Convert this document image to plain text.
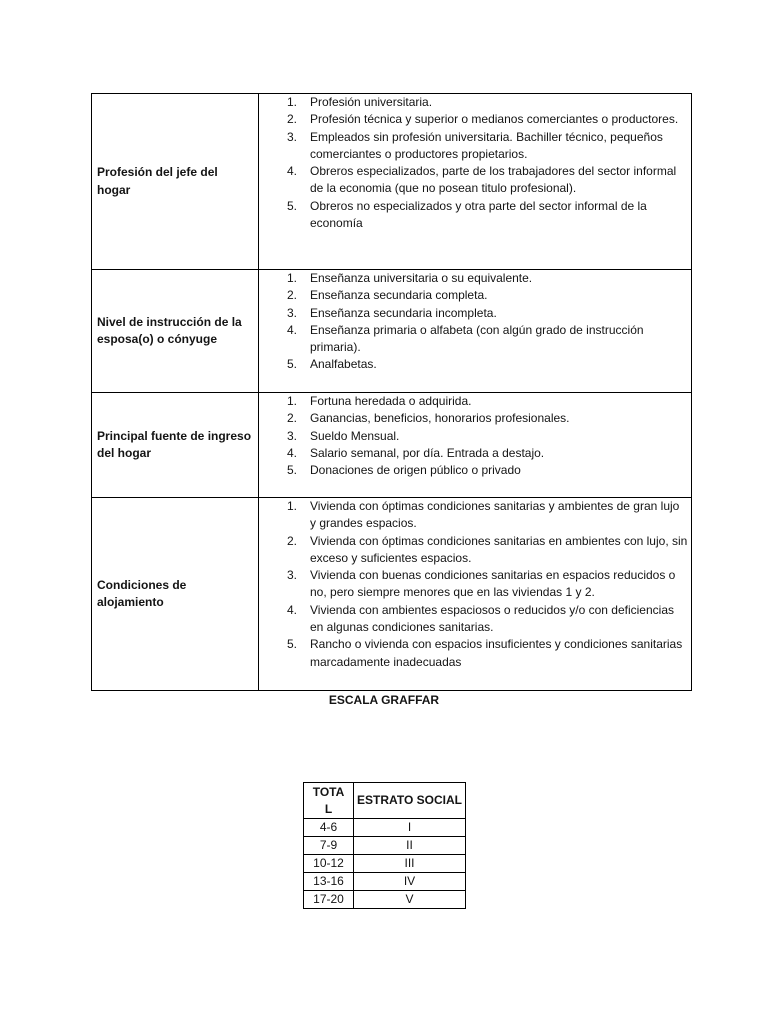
Profesión del jefe del
hogar
1.	Profesión universitaria.
2.	Profesión técnica y superior o medianos comerciantes o productores.
3.	Empleados sin profesión universitaria. Bachiller técnico, pequeños comerciantes o productores propietarios.
4.	Obreros especializados, parte de los trabajadores del sector informal de la economia (que no posean titulo profesional).
5.	Obreros no especializados y otra parte del sector informal de la economía
Nivel de instrucción de la
esposa(o) o cónyuge
1.	Enseñanza universitaria o su equivalente.
2.	Enseñanza secundaria completa.
3.	Enseñanza secundaria incompleta.
4.	Enseñanza primaria o alfabeta (con algún grado de instrucción primaria).
5.	Analfabetas.
Principal fuente de ingreso
del hogar
1.	Fortuna heredada o adquirida.
2.	Ganancias, beneficios, honorarios profesionales.
3.	Sueldo Mensual.
4.	Salario semanal, por día. Entrada a destajo.
5.	Donaciones de origen público o privado
Condiciones de
alojamiento
1.	Vivienda con óptimas condiciones sanitarias y ambientes de gran lujo y grandes espacios.
2.	Vivienda con óptimas condiciones sanitarias en ambientes con lujo, sin exceso y suficientes espacios.
3.	Vivienda con buenas condiciones sanitarias en espacios reducidos o no, pero siempre menores que en las viviendas 1 y 2.
4.	Vivienda con ambientes espaciosos o reducidos y/o con deficiencias en algunas condiciones sanitarias.
5.	Rancho o vivienda con espacios insuficientes y condiciones sanitarias marcadamente inadecuadas
ESCALA GRAFFAR
TOTA
L	ESTRATO SOCIAL
4-6	I
7-9	II
10-12	III
13-16	IV
17-20	V
